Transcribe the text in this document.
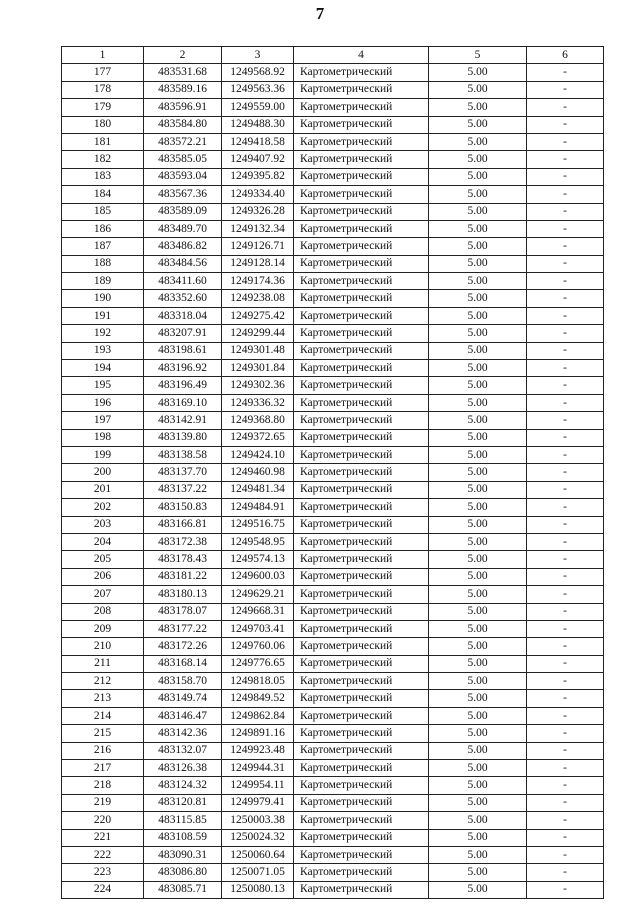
7
1	2	3	4	5	6
177	483531.68	1249568.92	Картометрический	5.00	-
178	483589.16	1249563.36	Картометрический	5.00	-
179	483596.91	1249559.00	Картометрический	5.00	-
180	483584.80	1249488.30	Картометрический	5.00	-
181	483572.21	1249418.58	Картометрический	5.00	-
182	483585.05	1249407.92	Картометрический	5.00	-
183	483593.04	1249395.82	Картометрический	5.00	-
184	483567.36	1249334.40	Картометрический	5.00	-
185	483589.09	1249326.28	Картометрический	5.00	-
186	483489.70	1249132.34	Картометрический	5.00	-
187	483486.82	1249126.71	Картометрический	5.00	-
188	483484.56	1249128.14	Картометрический	5.00	-
189	483411.60	1249174.36	Картометрический	5.00	-
190	483352.60	1249238.08	Картометрический	5.00	-
191	483318.04	1249275.42	Картометрический	5.00	-
192	483207.91	1249299.44	Картометрический	5.00	-
193	483198.61	1249301.48	Картометрический	5.00	-
194	483196.92	1249301.84	Картометрический	5.00	-
195	483196.49	1249302.36	Картометрический	5.00	-
196	483169.10	1249336.32	Картометрический	5.00	-
197	483142.91	1249368.80	Картометрический	5.00	-
198	483139.80	1249372.65	Картометрический	5.00	-
199	483138.58	1249424.10	Картометрический	5.00	-
200	483137.70	1249460.98	Картометрический	5.00	-
201	483137.22	1249481.34	Картометрический	5.00	-
202	483150.83	1249484.91	Картометрический	5.00	-
203	483166.81	1249516.75	Картометрический	5.00	-
204	483172.38	1249548.95	Картометрический	5.00	-
205	483178.43	1249574.13	Картометрический	5.00	-
206	483181.22	1249600.03	Картометрический	5.00	-
207	483180.13	1249629.21	Картометрический	5.00	-
208	483178.07	1249668.31	Картометрический	5.00	-
209	483177.22	1249703.41	Картометрический	5.00	-
210	483172.26	1249760.06	Картометрический	5.00	-
211	483168.14	1249776.65	Картометрический	5.00	-
212	483158.70	1249818.05	Картометрический	5.00	-
213	483149.74	1249849.52	Картометрический	5.00	-
214	483146.47	1249862.84	Картометрический	5.00	-
215	483142.36	1249891.16	Картометрический	5.00	-
216	483132.07	1249923.48	Картометрический	5.00	-
217	483126.38	1249944.31	Картометрический	5.00	-
218	483124.32	1249954.11	Картометрический	5.00	-
219	483120.81	1249979.41	Картометрический	5.00	-
220	483115.85	1250003.38	Картометрический	5.00	-
221	483108.59	1250024.32	Картометрический	5.00	-
222	483090.31	1250060.64	Картометрический	5.00	-
223	483086.80	1250071.05	Картометрический	5.00	-
224	483085.71	1250080.13	Картометрический	5.00	-
